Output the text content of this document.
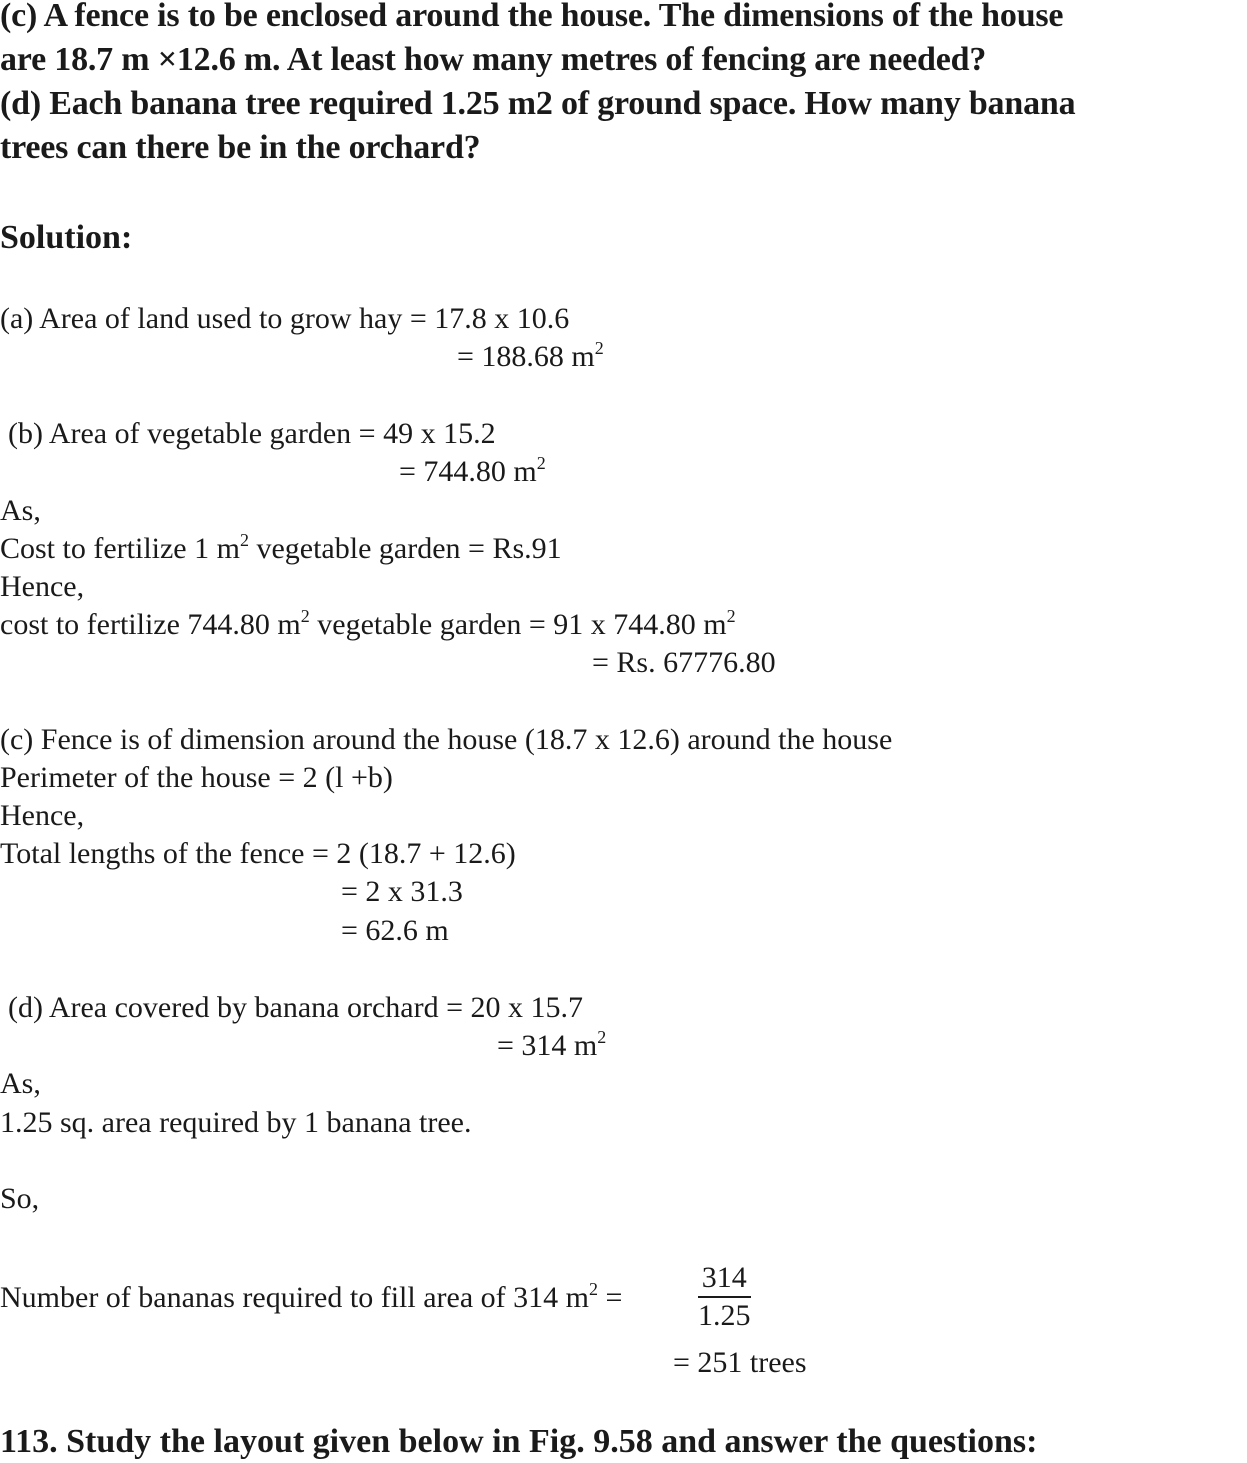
(c) A fence is to be enclosed around the house. The dimensions of the house
are 18.7 m ×12.6 m. At least how many metres of fencing are needed?
(d) Each banana tree required 1.25 m2 of ground space. How many banana
trees can there be in the orchard?
Solution:
(a) Area of land used to grow hay = 17.8 x 10.6
= 188.68 $m^2$
(b) Area of vegetable garden = 49 x 15.2
= 744.80 $m^2$
As,
Cost to fertilize 1 $m^2$ vegetable garden = Rs.91
Hence,
cost to fertilize 744.80 $m^2$ vegetable garden = 91 x 744.80 $m^2$
= Rs. 67776.80
(c) Fence is of dimension around the house (18.7 x 12.6) around the house
Perimeter of the house = 2 (l +b)
Hence,
Total lengths of the fence = 2 (18.7 + 12.6)
= 2 x 31.3
= 62.6 m
(d) Area covered by banana orchard = 20 x 15.7
= 314 $m^2$
As,
1.25 sq. area required by 1 banana tree.
So,
Number of bananas required to fill area of 314 $m^2 = \frac{314}{1.25}$
= 251 trees
113. Study the layout given below in Fig. 9.58 and answer the questions:
